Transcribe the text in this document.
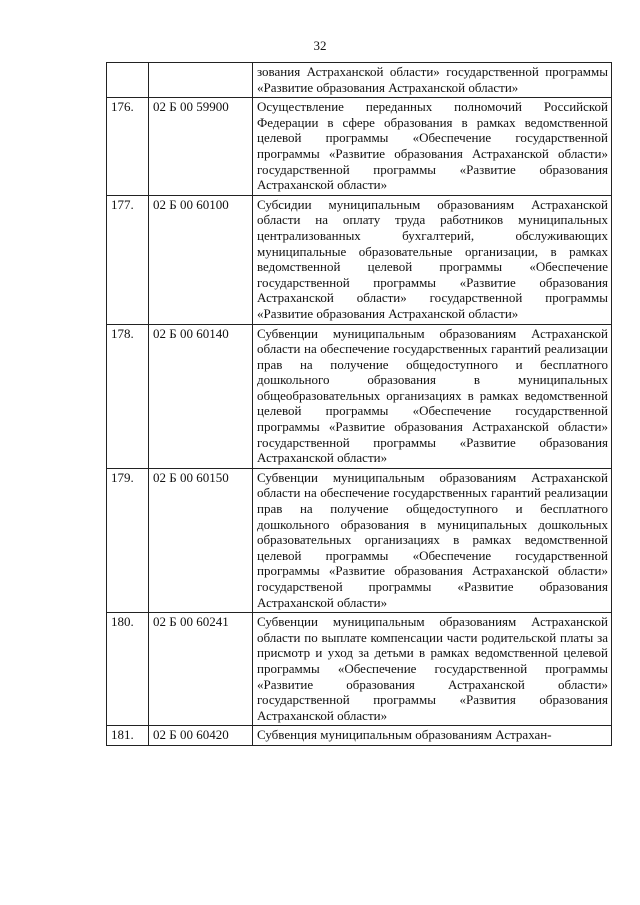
32
		зования Астраханской области» государственной программы «Развитие образования Астраханской области»
176.	02 Б 00 59900	Осуществление переданных полномочий Российской Федерации в сфере образования в рамках ведомственной целевой программы «Обеспечение государственной программы «Развитие образования Астраханской области» государственной программы «Развитие образования Астраханской области»
177.	02 Б 00 60100	Субсидии муниципальным образованиям Астраханской области на оплату труда работников муниципальных централизованных бухгалтерий, обслуживающих муниципальные образовательные организации, в рамках ведомственной целевой программы «Обеспечение государственной программы «Развитие образования Астраханской области» государственной программы «Развитие образования Астраханской области»
178.	02 Б 00 60140	Субвенции муниципальным образованиям Астраханской области на обеспечение государственных гарантий реализации прав на получение общедоступного и бесплатного дошкольного образования в муниципальных общеобразовательных организациях в рамках ведомственной целевой программы «Обеспечение государственной программы «Развитие образования Астраханской области» государственной программы «Развитие образования Астраханской области»
179.	02 Б 00 60150	Субвенции муниципальным образованиям Астраханской области на обеспечение государственных гарантий реализации прав на получение общедоступного и бесплатного дошкольного образования в муниципальных дошкольных образовательных организациях в рамках ведомственной целевой программы «Обеспечение государственной программы «Развитие образования Астраханской области» государственой программы «Развитие образования Астраханской области»
180.	02 Б 00 60241	Субвенции муниципальным образованиям Астраханской области по выплате компенсации части родительской платы за присмотр и уход за детьми в рамках ведомственной целевой программы «Обеспечение государственной программы «Развитие образования Астраханской области» государственной программы «Развития образования Астраханской области»
181.	02 Б 00 60420	Субвенция муниципальным образованиям Астрахан-
